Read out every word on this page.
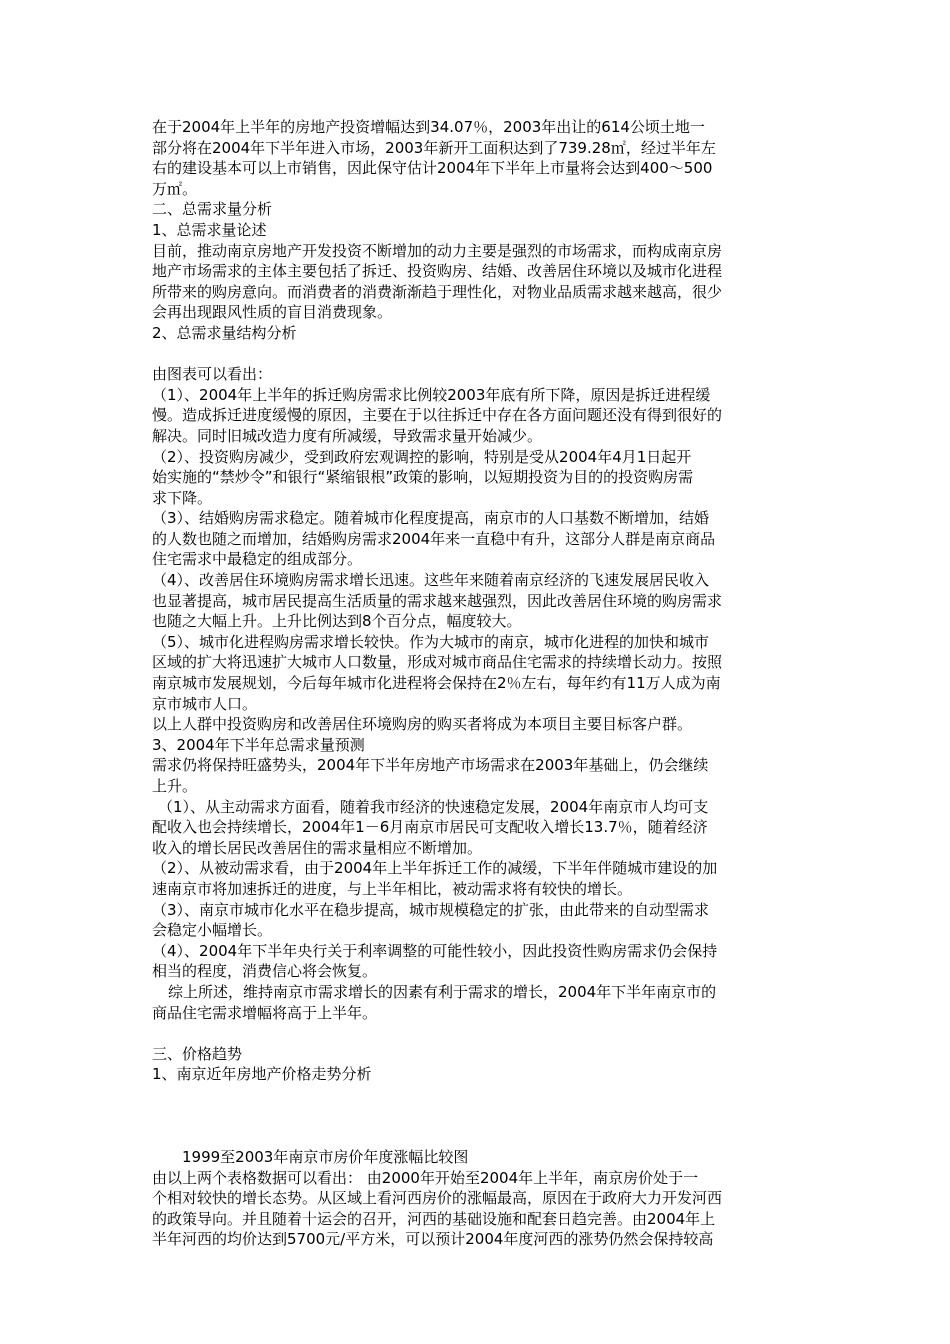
在于2004年上半年的房地产投资增幅达到34.07％，2003年出让的614公顷土地一
部分将在2004年下半年进入市场，2003年新开工面积达到了739.28㎡，经过半年左
右的建设基本可以上市销售，因此保守估计2004年下半年上市量将会达到400～500
万㎡。
二、总需求量分析
1、总需求量论述
目前，推动南京房地产开发投资不断增加的动力主要是强烈的市场需求，而构成南京房
地产市场需求的主体主要包括了拆迁、投资购房、结婚、改善居住环境以及城市化进程
所带来的购房意向。而消费者的消费渐渐趋于理性化，对物业品质需求越来越高，很少
会再出现跟风性质的盲目消费现象。
2、总需求量结构分析
由图表可以看出：
（1）、2004年上半年的拆迁购房需求比例较2003年底有所下降，原因是拆迁进程缓
慢。造成拆迁进度缓慢的原因，主要在于以往拆迁中存在各方面问题还没有得到很好的
解决。同时旧城改造力度有所减缓，导致需求量开始减少。
（2）、投资购房减少，受到政府宏观调控的影响，特别是受从2004年4月1日起开
始实施的“禁炒令”和银行“紧缩银根”政策的影响，以短期投资为目的的投资购房需
求下降。
（3）、结婚购房需求稳定。随着城市化程度提高，南京市的人口基数不断增加，结婚
的人数也随之而增加，结婚购房需求2004年来一直稳中有升，这部分人群是南京商品
住宅需求中最稳定的组成部分。
（4）、改善居住环境购房需求增长迅速。这些年来随着南京经济的飞速发展居民收入
也显著提高，城市居民提高生活质量的需求越来越强烈，因此改善居住环境的购房需求
也随之大幅上升。上升比例达到8个百分点，幅度较大。
（5）、城市化进程购房需求增长较快。作为大城市的南京，城市化进程的加快和城市
区域的扩大将迅速扩大城市人口数量，形成对城市商品住宅需求的持续增长动力。按照
南京城市发展规划，今后每年城市化进程将会保持在2％左右，每年约有11万人成为南
京市城市人口。
以上人群中投资购房和改善居住环境购房的购买者将成为本项目主要目标客户群。
3、2004年下半年总需求量预测
需求仍将保持旺盛势头，2004年下半年房地产市场需求在2003年基础上，仍会继续
上升。
（1）、从主动需求方面看，随着我市经济的快速稳定发展，2004年南京市人均可支
配收入也会持续增长，2004年1－6月南京市居民可支配收入增长13.7％，随着经济
收入的增长居民改善居住的需求量相应不断增加。
（2）、从被动需求看，由于2004年上半年拆迁工作的减缓，下半年伴随城市建设的加
速南京市将加速拆迁的进度，与上半年相比，被动需求将有较快的增长。
（3）、南京市城市化水平在稳步提高，城市规模稳定的扩张，由此带来的自动型需求
会稳定小幅增长。
（4）、2004年下半年央行关于利率调整的可能性较小，因此投资性购房需求仍会保持
相当的程度，消费信心将会恢复。
综上所述，维持南京市需求增长的因素有利于需求的增长，2004年下半年南京市的
商品住宅需求增幅将高于上半年。
三、价格趋势
1、南京近年房地产价格走势分析
1999至2003年南京市房价年度涨幅比较图
由以上两个表格数据可以看出： 由2000年开始至2004年上半年，南京房价处于一
个相对较快的增长态势。从区域上看河西房价的涨幅最高，原因在于政府大力开发河西
的政策导向。并且随着十运会的召开，河西的基础设施和配套日趋完善。由2004年上
半年河西的均价达到5700元/平方米，可以预计2004年度河西的涨势仍然会保持较高
